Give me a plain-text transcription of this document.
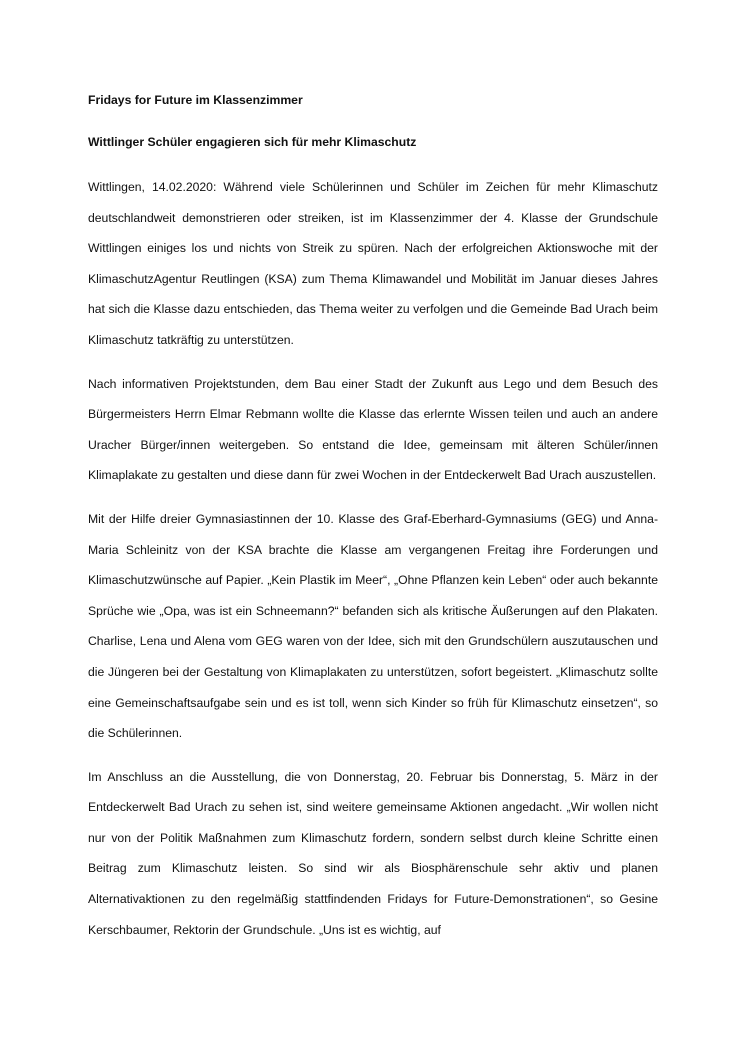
Fridays for Future im Klassenzimmer
Wittlinger Schüler engagieren sich für mehr Klimaschutz

Wittlingen, 14.02.2020: Während viele Schülerinnen und Schüler im Zeichen für mehr Klimaschutz deutschlandweit demonstrieren oder streiken, ist im Klassenzimmer der 4. Klasse der Grundschule Wittlingen einiges los und nichts von Streik zu spüren. Nach der erfolgreichen Aktionswoche mit der KlimaschutzAgentur Reutlingen (KSA) zum Thema Klimawandel und Mobilität im Januar dieses Jahres hat sich die Klasse dazu entschieden, das Thema weiter zu verfolgen und die Gemeinde Bad Urach beim Klimaschutz tatkräftig zu unterstützen.

Nach informativen Projektstunden, dem Bau einer Stadt der Zukunft aus Lego und dem Besuch des Bürgermeisters Herrn Elmar Rebmann wollte die Klasse das erlernte Wissen teilen und auch an andere Uracher Bürger/innen weitergeben. So entstand die Idee, gemeinsam mit älteren Schüler/innen Klimaplakate zu gestalten und diese dann für zwei Wochen in der Entdeckerwelt Bad Urach auszustellen.

Mit der Hilfe dreier Gymnasiastinnen der 10. Klasse des Graf-Eberhard-Gymnasiums (GEG) und Anna-Maria Schleinitz von der KSA brachte die Klasse am vergangenen Freitag ihre Forderungen und Klimaschutzwünsche auf Papier. „Kein Plastik im Meer“, „Ohne Pflanzen kein Leben“ oder auch bekannte Sprüche wie „Opa, was ist ein Schneemann?“ befanden sich als kritische Äußerungen auf den Plakaten. Charlise, Lena und Alena vom GEG waren von der Idee, sich mit den Grundschülern auszutauschen und die Jüngeren bei der Gestaltung von Klimaplakaten zu unterstützen, sofort begeistert. „Klimaschutz sollte eine Gemeinschaftsaufgabe sein und es ist toll, wenn sich Kinder so früh für Klimaschutz einsetzen“, so die Schülerinnen.

Im Anschluss an die Ausstellung, die von Donnerstag, 20. Februar bis Donnerstag, 5. März in der Entdeckerwelt Bad Urach zu sehen ist, sind weitere gemeinsame Aktionen angedacht. „Wir wollen nicht nur von der Politik Maßnahmen zum Klimaschutz fordern, sondern selbst durch kleine Schritte einen Beitrag zum Klimaschutz leisten. So sind wir als Biosphärenschule sehr aktiv und planen Alternativaktionen zu den regelmäßig stattfindenden Fridays for Future-Demonstrationen“, so Gesine Kerschbaumer, Rektorin der Grundschule. „Uns ist es wichtig, auf
